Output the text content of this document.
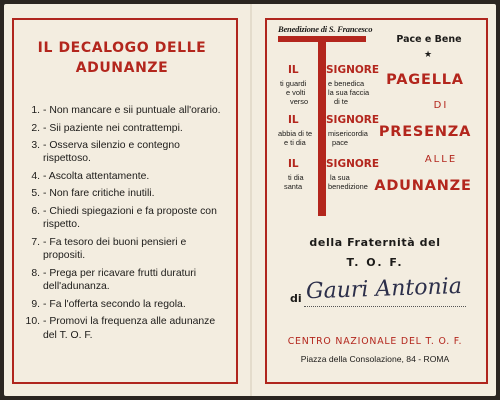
IL DECALOGO DELLE
ADUNANZE
1. - Non mancare e sii puntuale all'orario.
2. - Sii paziente nei contrattempi.
3. - Osserva silenzio e contegno rispettoso.
4. - Ascolta attentamente.
5. - Non fare critiche inutili.
6. - Chiedi spiegazioni e fa proposte con rispetto.
7. - Fa tesoro dei buoni pensieri e propositi.
8. - Prega per ricavare frutti duraturi dell'adunanza.
9. - Fa l'offerta secondo la regola.
10. - Promovi la frequenza alle adunanze del T. O. F.
Benedizione di S. Francesco
IL	SIGNORE
ti guardi	e benedica
e volti	la sua faccia
verso	di te
IL	SIGNORE
abbia di te misericordia
e ti dia	pace
IL	SIGNORE
ti dia	la sua
santa	benedizione
Pace e Bene
★
PAGELLA
DI
PRESENZA
ALLE
ADUNANZE
della Fraternità del
T. O. F.
di Gauri Antonia
CENTRO NAZIONALE DEL T. O. F.
Piazza della Consolazione, 84 - ROMA
